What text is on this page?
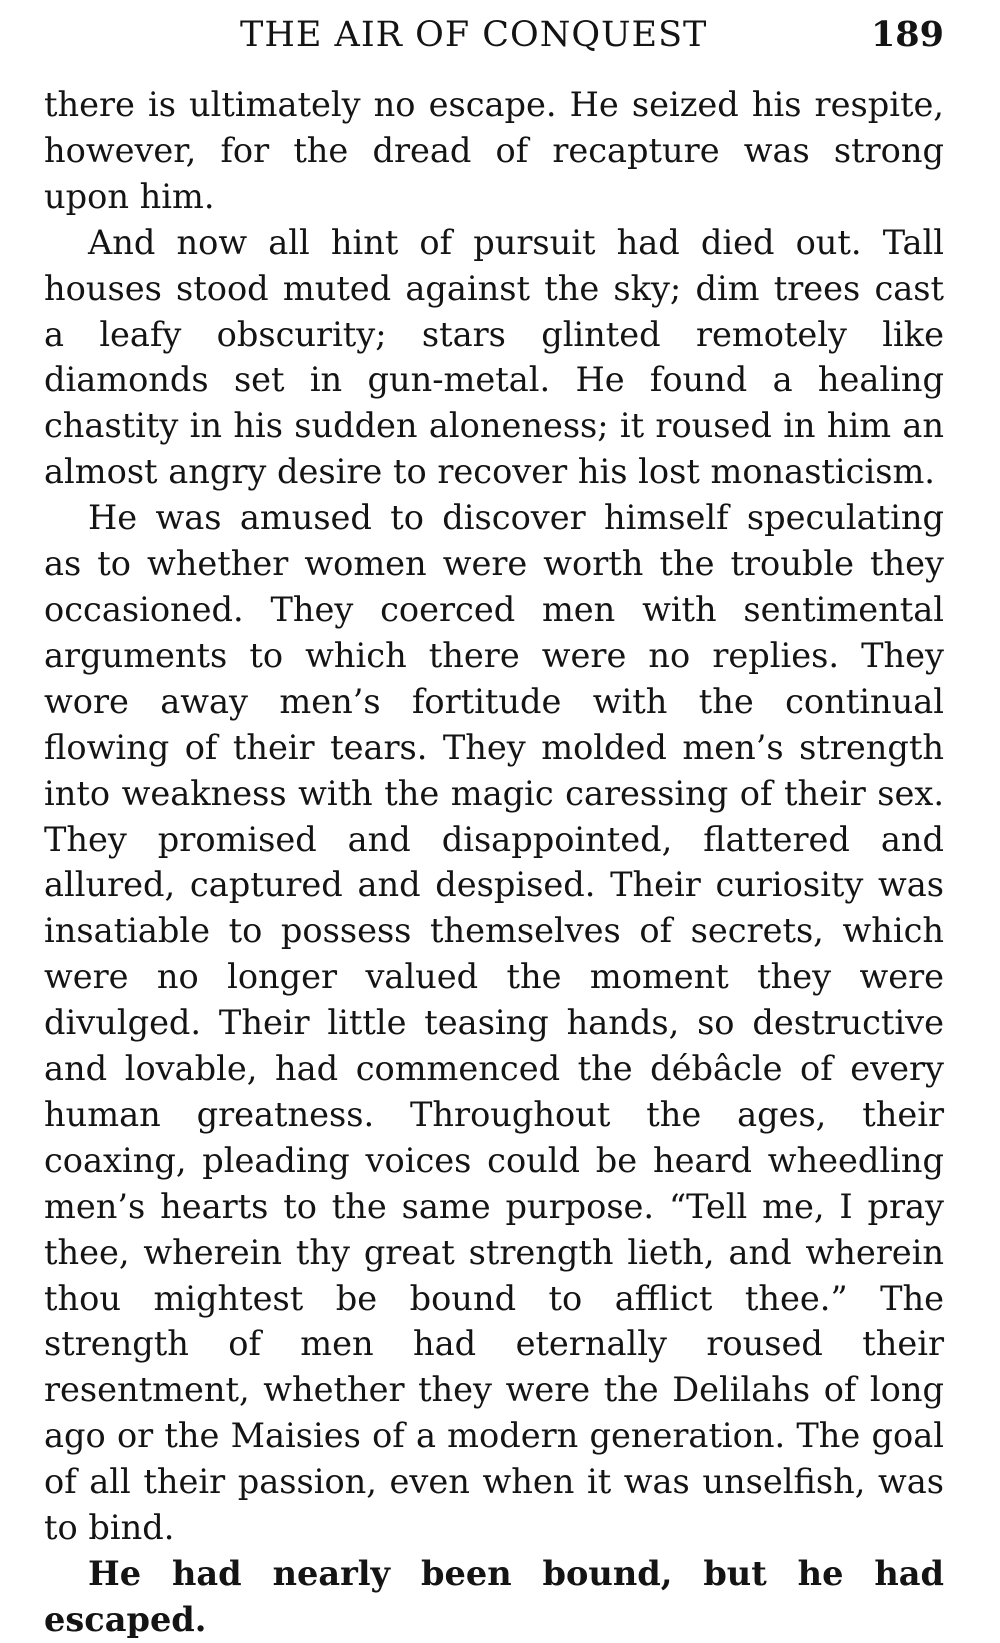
THE AIR OF CONQUEST	189

there is ultimately no escape. He seized his respite, however, for the dread of recapture was strong upon him.

And now all hint of pursuit had died out. Tall houses stood muted against the sky; dim trees cast a leafy obscurity; stars glinted remotely like diamonds set in gun-metal. He found a healing chastity in his sudden aloneness; it roused in him an almost angry desire to recover his lost monasticism.

He was amused to discover himself speculating as to whether women were worth the trouble they occasioned. They coerced men with sentimental arguments to which there were no replies. They wore away men’s fortitude with the continual flowing of their tears. They molded men’s strength into weakness with the magic caressing of their sex. They promised and disappointed, flattered and allured, captured and despised. Their curiosity was insatiable to possess themselves of secrets, which were no longer valued the moment they were divulged. Their little teasing hands, so destructive and lovable, had commenced the débâcle of every human greatness. Throughout the ages, their coaxing, pleading voices could be heard wheedling men’s hearts to the same purpose. “Tell me, I pray thee, wherein thy great strength lieth, and wherein thou mightest be bound to afflict thee.” The strength of men had eternally roused their resentment, whether they were the Delilahs of long ago or the Maisies of a modern generation. The goal of all their passion, even when it was unselfish, was to bind.

He had nearly been bound, but he had escaped.
